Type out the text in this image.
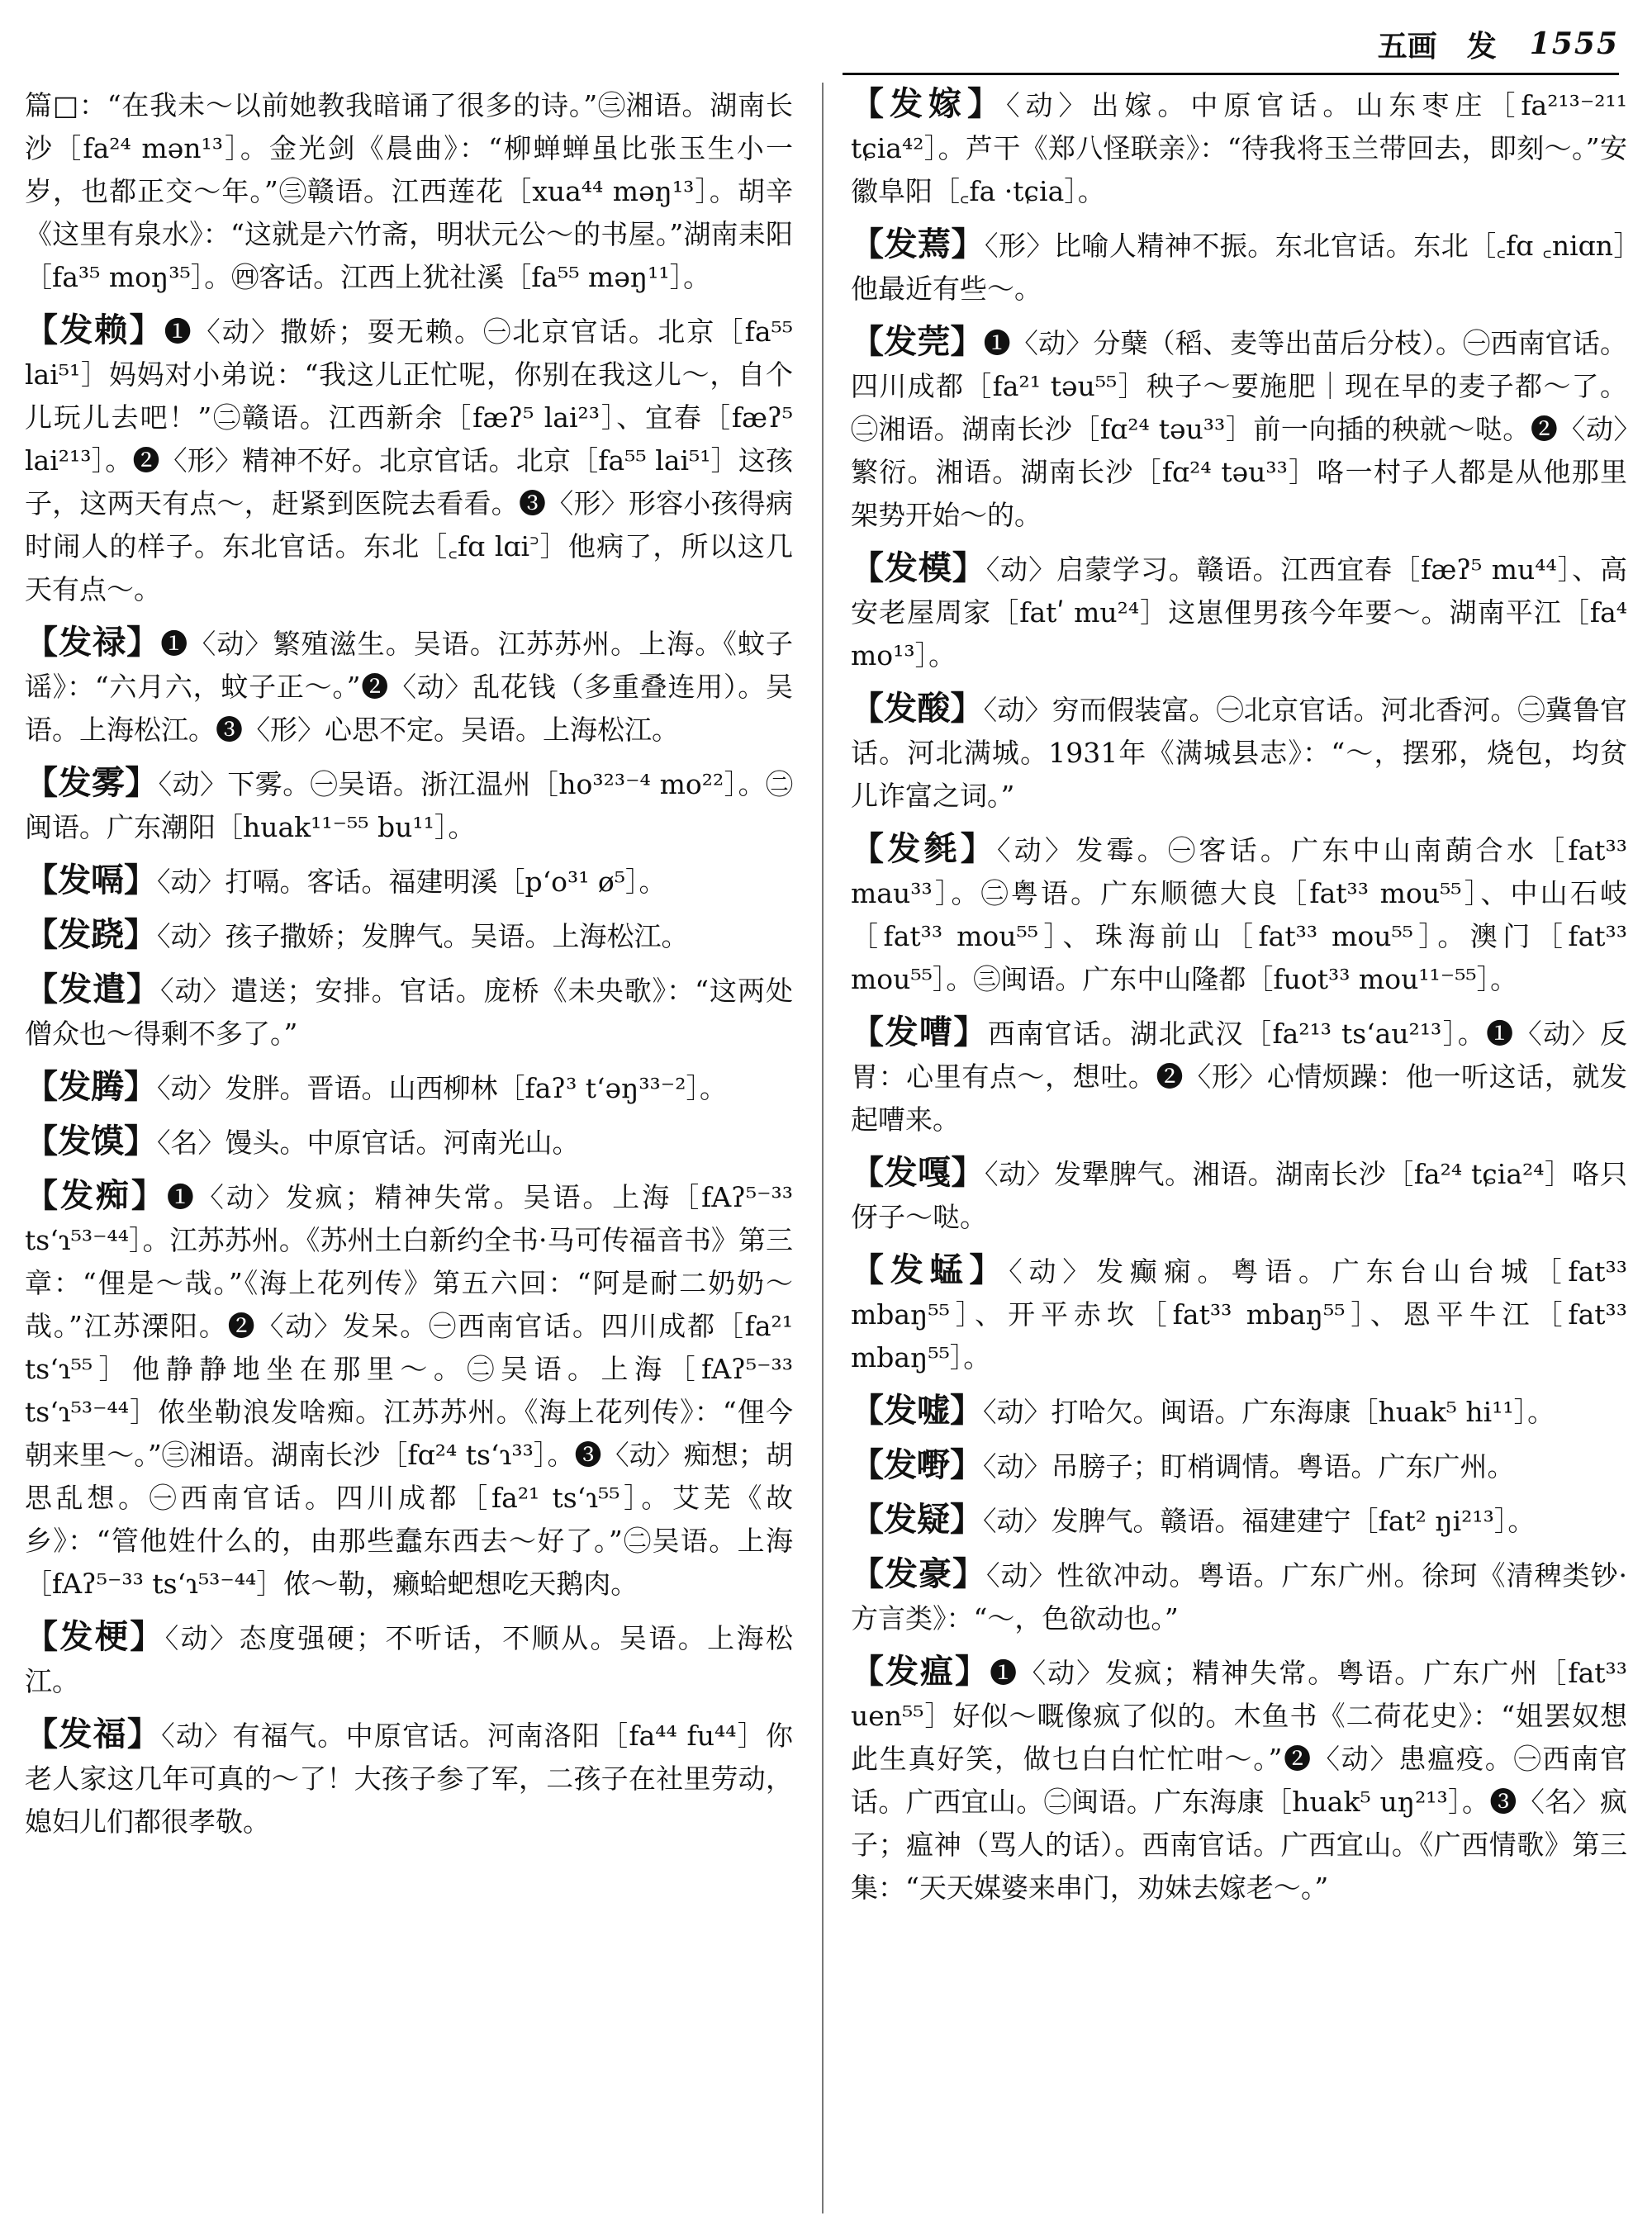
五画　发 1555

篇□：“在我未～以前她教我暗诵了很多的诗。”㊂湘语。湖南长沙［fa²⁴ mən¹³］。金光剑《晨曲》：“柳蝉蝉虽比张玉生小一岁，也都正交～年。”㊂赣语。江西莲花［xua⁴⁴ məŋ¹³］。胡辛《这里有泉水》：“这就是六竹斋，明状元公～的书屋。”湖南耒阳［fa³⁵ moŋ³⁵］。㊃客话。江西上犹社溪［fa⁵⁵ məŋ¹¹］。

【发赖】❶〈动〉撒娇；耍无赖。㊀北京官话。北京［fa⁵⁵ lai⁵¹］妈妈对小弟说：“我这儿正忙呢，你别在我这儿～，自个儿玩儿去吧！”㊁赣语。江西新余［fæʔ⁵ lai²³］、宜春［fæʔ⁵ lai²¹³］。❷〈形〉精神不好。北京官话。北京［fa⁵⁵ lai⁵¹］这孩子，这两天有点～，赶紧到医院去看看。❸〈形〉形容小孩得病时闹人的样子。东北官话。东北［꜀fɑ lɑi꜄］他病了，所以这几天有点～。

【发禄】❶〈动〉繁殖滋生。吴语。江苏苏州。上海。《蚊子谣》：“六月六，蚊子正～。”❷〈动〉乱花钱（多重叠连用）。吴语。上海松江。❸〈形〉心思不定。吴语。上海松江。

【发雾】〈动〉下雾。㊀吴语。浙江温州［ho³²³⁻⁴ mo²²］。㊁闽语。广东潮阳［huak¹¹⁻⁵⁵ bu¹¹］。

【发嗝】〈动〉打嗝。客话。福建明溪［pʻo³¹ ø⁵］。

【发跷】〈动〉孩子撒娇；发脾气。吴语。上海松江。

【发遣】〈动〉遣送；安排。官话。庞桥《未央歌》：“这两处僧众也～得剩不多了。”

【发腾】〈动〉发胖。晋语。山西柳林［faʔ³ tʻəŋ³³⁻²］。

【发馍】〈名〉馒头。中原官话。河南光山。

【发痴】❶〈动〉发疯；精神失常。吴语。上海［fAʔ⁵⁻³³ tsʻɿ⁵³⁻⁴⁴］。江苏苏州。《苏州土白新约全书·马可传福音书》第三章：“俚是～哉。”《海上花列传》第五六回：“阿是耐二奶奶～哉。”江苏溧阳。❷〈动〉发呆。㊀西南官话。四川成都［fa²¹ tsʻɿ⁵⁵］他静静地坐在那里～。㊁吴语。上海［fAʔ⁵⁻³³ tsʻɿ⁵³⁻⁴⁴］侬坐勒浪发啥痴。江苏苏州。《海上花列传》：“俚今朝来里～。”㊂湘语。湖南长沙［fɑ²⁴ tsʻɿ³³］。❸〈动〉痴想；胡思乱想。㊀西南官话。四川成都［fa²¹ tsʻɿ⁵⁵］。艾芜《故乡》：“管他姓什么的，由那些蠢东西去～好了。”㊁吴语。上海［fAʔ⁵⁻³³ tsʻɿ⁵³⁻⁴⁴］侬～勒，癞蛤蚆想吃天鹅肉。

【发梗】〈动〉态度强硬；不听话，不顺从。吴语。上海松江。

【发福】〈动〉有福气。中原官话。河南洛阳［fa⁴⁴ fu⁴⁴］你老人家这几年可真的～了！大孩子参了军，二孩子在社里劳动，媳妇儿们都很孝敬。

【发嫁】〈动〉出嫁。中原官话。山东枣庄［fa²¹³⁻²¹¹ tɕia⁴²］。芦干《郑八怪联亲》：“待我将玉兰带回去，即刻～。”安徽阜阳［꜀fa ·tɕia］。

【发蔫】〈形〉比喻人精神不振。东北官话。东北［꜀fɑ ꜀niɑn］他最近有些～。

【发莞】❶〈动〉分蘖（稻、麦等出苗后分枝）。㊀西南官话。四川成都［fa²¹ təu⁵⁵］秧子～要施肥｜现在早的麦子都～了。㊁湘语。湖南长沙［fɑ²⁴ təu³³］前一向插的秧就～哒。❷〈动〉繁衍。湘语。湖南长沙［fɑ²⁴ təu³³］咯一村子人都是从他那里架势开始～的。

【发模】〈动〉启蒙学习。赣语。江西宜春［fæʔ⁵ mu⁴⁴］、高安老屋周家［fatʹ mu²⁴］这崽俚男孩今年要～。湖南平江［fa⁴ mo¹³］。

【发酸】〈动〉穷而假装富。㊀北京官话。河北香河。㊁冀鲁官话。河北满城。1931年《满城县志》：“～，摆邪，烧包，均贫儿诈富之词。”

【发毵】〈动〉发霉。㊀客话。广东中山南蓢合水［fat³³ mau³³］。㊁粤语。广东顺德大良［fat³³ mou⁵⁵］、中山石岐［fat³³ mou⁵⁵］、珠海前山［fat³³ mou⁵⁵］。澳门［fat³³ mou⁵⁵］。㊂闽语。广东中山隆都［fuot³³ mou¹¹⁻⁵⁵］。

【发嘈】西南官话。湖北武汉［fa²¹³ tsʻau²¹³］。❶〈动〉反胃：心里有点～，想吐。❷〈形〉心情烦躁：他一听这话，就发起嘈来。

【发嘎】〈动〉发犟脾气。湘语。湖南长沙［fa²⁴ tɕia²⁴］咯只伢子～哒。

【发蜢】〈动〉发癫痫。粤语。广东台山台城［fat³³ mbaŋ⁵⁵］、开平赤坎［fat³³ mbaŋ⁵⁵］、恩平牛江［fat³³ mbaŋ⁵⁵］。

【发嘘】〈动〉打哈欠。闽语。广东海康［huak⁵ hi¹¹］。

【发嘢】〈动〉吊膀子；盯梢调情。粤语。广东广州。

【发疑】〈动〉发脾气。赣语。福建建宁［fat² ŋi²¹³］。

【发豪】〈动〉性欲冲动。粤语。广东广州。徐珂《清稗类钞·方言类》：“～，色欲动也。”

【发瘟】❶〈动〉发疯；精神失常。粤语。广东广州［fat³³ uen⁵⁵］好似～嘅像疯了似的。木鱼书《二荷花史》：“姐罢奴想此生真好笑，做乜白白忙忙咁～。”❷〈动〉患瘟疫。㊀西南官话。广西宜山。㊁闽语。广东海康［huak⁵ uŋ²¹³］。❸〈名〉疯子；瘟神（骂人的话）。西南官话。广西宜山。《广西情歌》第三集：“天天媒婆来串门，劝妹去嫁老～。”
